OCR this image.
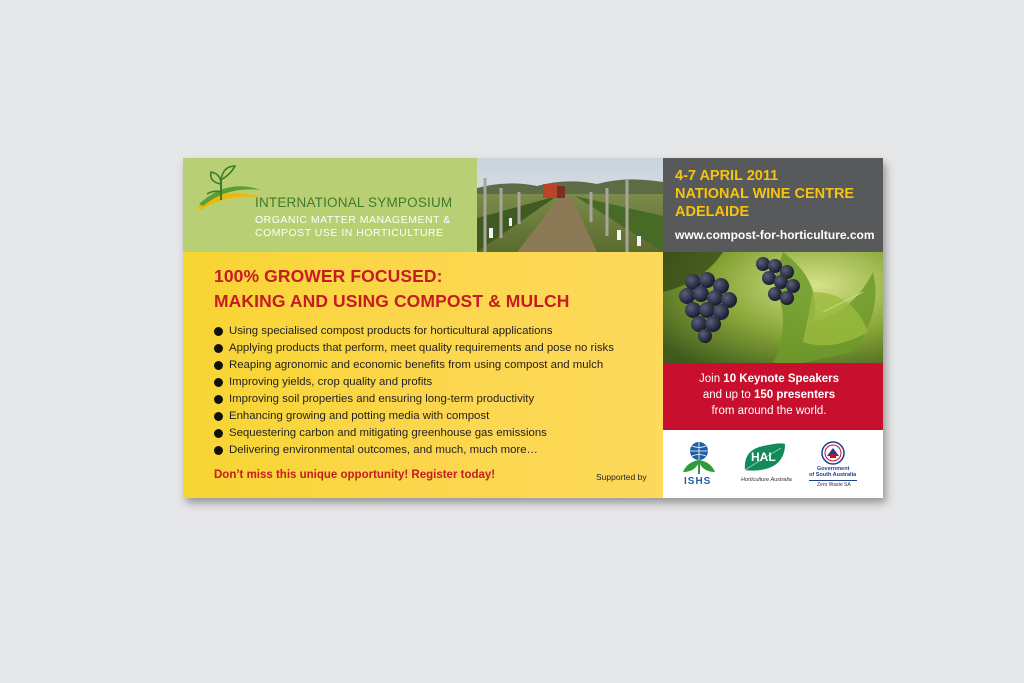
INTERNATIONAL SYMPOSIUM
ORGANIC MATTER MANAGEMENT &
COMPOST USE IN HORTICULTURE
4-7 APRIL 2011
NATIONAL WINE CENTRE
ADELAIDE
www.compost-for-horticulture.com
100% GROWER FOCUSED:
MAKING AND USING COMPOST & MULCH
Using specialised compost products for horticultural applications
Applying products that perform, meet quality requirements and pose no risks
Reaping agronomic and economic benefits from using compost and mulch
Improving yields, crop quality and profits
Improving soil properties and ensuring long-term productivity
Enhancing growing and potting media with compost
Sequestering carbon and mitigating greenhouse gas emissions
Delivering environmental outcomes, and much, much more…
Don’t miss this unique opportunity! Register today!	Supported by
Join 10 Keynote Speakers
and up to 150 presenters
from around the world.
ISHS
HAL
Horticulture Australia
Government
of South Australia
Zero Waste SA
